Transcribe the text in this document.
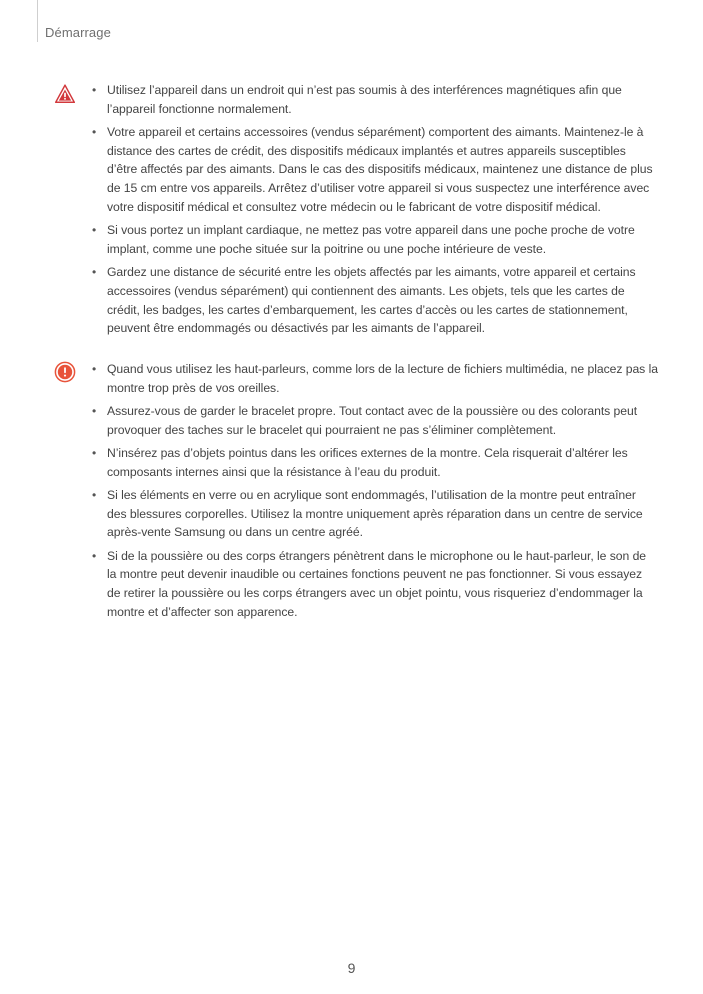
Démarrage
• Utilisez l’appareil dans un endroit qui n’est pas soumis à des interférences magnétiques afin que l’appareil fonctionne normalement.
• Votre appareil et certains accessoires (vendus séparément) comportent des aimants. Maintenez-le à distance des cartes de crédit, des dispositifs médicaux implantés et autres appareils susceptibles d’être affectés par des aimants. Dans le cas des dispositifs médicaux, maintenez une distance de plus de 15 cm entre vos appareils. Arrêtez d’utiliser votre appareil si vous suspectez une interférence avec votre dispositif médical et consultez votre médecin ou le fabricant de votre dispositif médical.
• Si vous portez un implant cardiaque, ne mettez pas votre appareil dans une poche proche de votre implant, comme une poche située sur la poitrine ou une poche intérieure de veste.
• Gardez une distance de sécurité entre les objets affectés par les aimants, votre appareil et certains accessoires (vendus séparément) qui contiennent des aimants. Les objets, tels que les cartes de crédit, les badges, les cartes d’embarquement, les cartes d’accès ou les cartes de stationnement, peuvent être endommagés ou désactivés par les aimants de l’appareil.
• Quand vous utilisez les haut-parleurs, comme lors de la lecture de fichiers multimédia, ne placez pas la montre trop près de vos oreilles.
• Assurez-vous de garder le bracelet propre. Tout contact avec de la poussière ou des colorants peut provoquer des taches sur le bracelet qui pourraient ne pas s’éliminer complètement.
• N’insérez pas d’objets pointus dans les orifices externes de la montre. Cela risquerait d’altérer les composants internes ainsi que la résistance à l’eau du produit.
• Si les éléments en verre ou en acrylique sont endommagés, l’utilisation de la montre peut entraîner des blessures corporelles. Utilisez la montre uniquement après réparation dans un centre de service après-vente Samsung ou dans un centre agréé.
• Si de la poussière ou des corps étrangers pénètrent dans le microphone ou le haut-parleur, le son de la montre peut devenir inaudible ou certaines fonctions peuvent ne pas fonctionner. Si vous essayez de retirer la poussière ou les corps étrangers avec un objet pointu, vous risqueriez d’endommager la montre et d’affecter son apparence.
9
